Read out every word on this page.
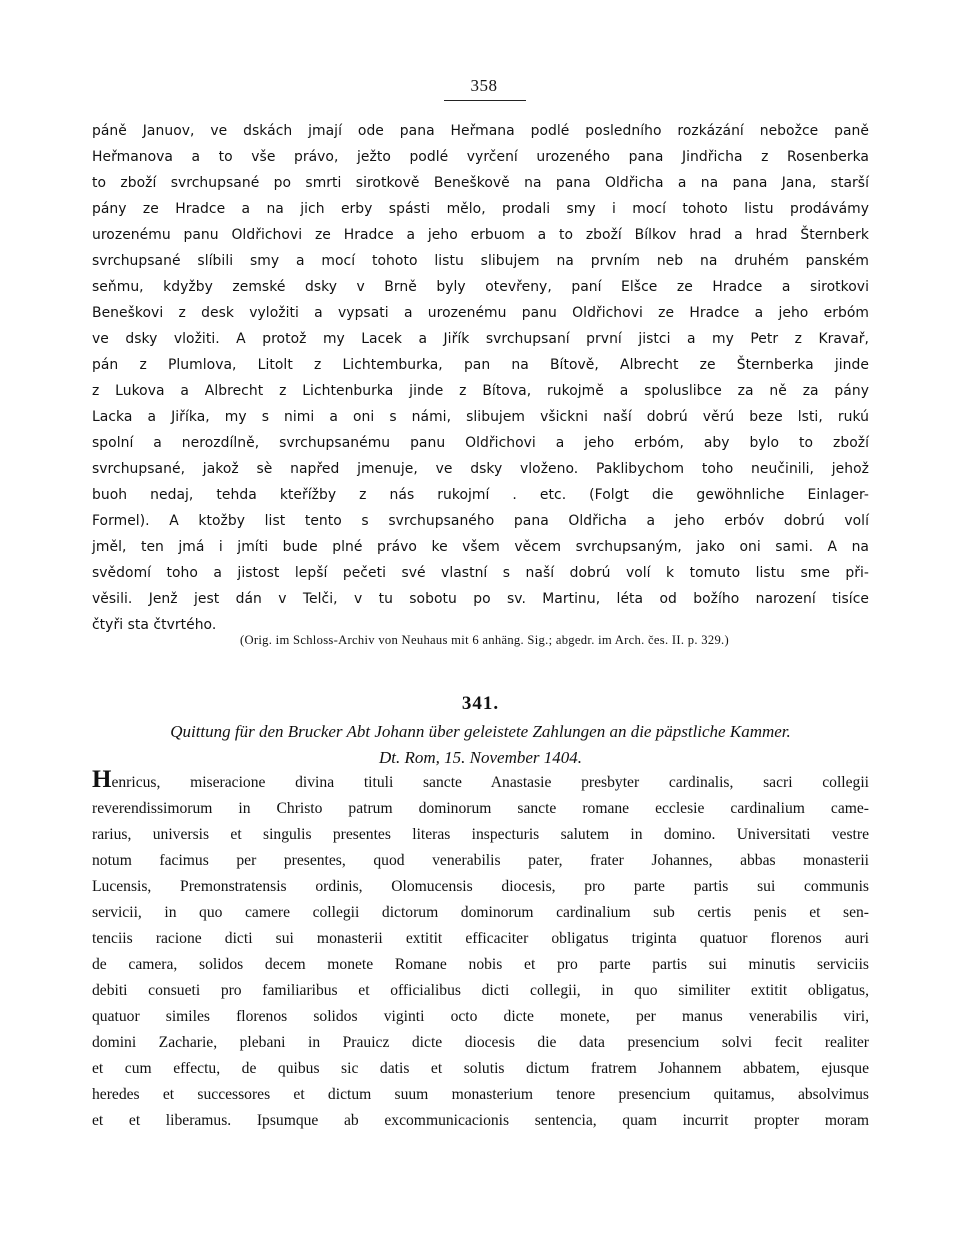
358
páně Januov, ve dskách jmají ode pana Heřmana podlé posledního rozkázání nebožce paně
Heřmanova a to vše právo, ježto podlé vyrčení urozeného pana Jindřicha z Rosenberka
to zboží svrchupsané po smrti sirotkově Beneškově na pana Oldřicha a na pana Jana, starší
pány ze Hradce a na jich erby spásti mělo, prodali smy i mocí tohoto listu prodávámy
urozenému panu Oldřichovi ze Hradce a jeho erbuom a to zboží Bílkov hrad a hrad Šternberk
svrchupsané slíbili smy a mocí tohoto listu slibujem na prvním neb na druhém panském
seňmu, kdyžby zemské dsky v Brně byly otevřeny, paní Elšce ze Hradce a sirotkovi
Beneškovi z desk vyložiti a vypsati a urozenému panu Oldřichovi ze Hradce a jeho erbóm
ve dsky vložiti. A protož my Lacek a Jiřík svrchupsaní první jistci a my Petr z Kravař,
pán z Plumlova, Litolt z Lichtemburka, pan na Bítově, Albrecht ze Šternberka jinde
z Lukova a Albrecht z Lichtenburka jinde z Bítova, rukojmě a spoluslibce za ně za pány
Lacka a Jiříka, my s nimi a oni s námi, slibujem všickni naší dobrú věrú beze lsti, rukú
spolní a nerozdílně, svrchupsanému panu Oldřichovi a jeho erbóm, aby bylo to zboží
svrchupsané, jakož sè napřed jmenuje, ve dsky vloženo. Paklibychom toho neučinili, jehož
buoh nedaj, tehda kteřížby z nás rukojmí . etc. (Folgt die gewöhnliche Einlager-
Formel). A ktožby list tento s svrchupsaného pana Oldřicha a jeho erbóv dobrú volí
jměl, ten jmá i jmíti bude plné právo ke všem věcem svrchupsaným, jako oni sami. A na
svědomí toho a jistost lepší pečeti své vlastní s naší dobrú volí k tomuto listu sme při-
věsili. Jenž jest dán v Telči, v tu sobotu po sv. Martinu, léta od božího narození tisíce
čtyři sta čtvrtého.
(Orig. im Schloss-Archiv von Neuhaus mit 6 anhäng. Sig.; abgedr. im Arch. čes. II. p. 329.)
341.
Quittung für den Brucker Abt Johann über geleistete Zahlungen an die päpstliche Kammer.
Dt. Rom, 15. November 1404.
Henricus, miseracione divina tituli sancte Anastasie presbyter cardinalis, sacri collegii
reverendissimorum in Christo patrum dominorum sancte romane ecclesie cardinalium came-
rarius, universis et singulis presentes literas inspecturis salutem in domino. Universitati vestre
notum facimus per presentes, quod venerabilis pater, frater Johannes, abbas monasterii
Lucensis, Premonstratensis ordinis, Olomucensis diocesis, pro parte partis sui communis
servicii, in quo camere collegii dictorum dominorum cardinalium sub certis penis et sen-
tenciis racione dicti sui monasterii extitit efficaciter obligatus triginta quatuor florenos auri
de camera, solidos decem monete Romane nobis et pro parte partis sui minutis serviciis
debiti consueti pro familiaribus et officialibus dicti collegii, in quo similiter extitit obligatus,
quatuor similes florenos solidos viginti octo dicte monete, per manus venerabilis viri,
domini Zacharie, plebani in Prauicz dicte diocesis die data presencium solvi fecit realiter
et cum effectu, de quibus sic datis et solutis dictum fratrem Johannem abbatem, ejusque
heredes et successores et dictum suum monasterium tenore presencium quitamus, absolvimus
et et liberamus. Ipsumque ab excommunicacionis sentencia, quam incurrit propter moram
